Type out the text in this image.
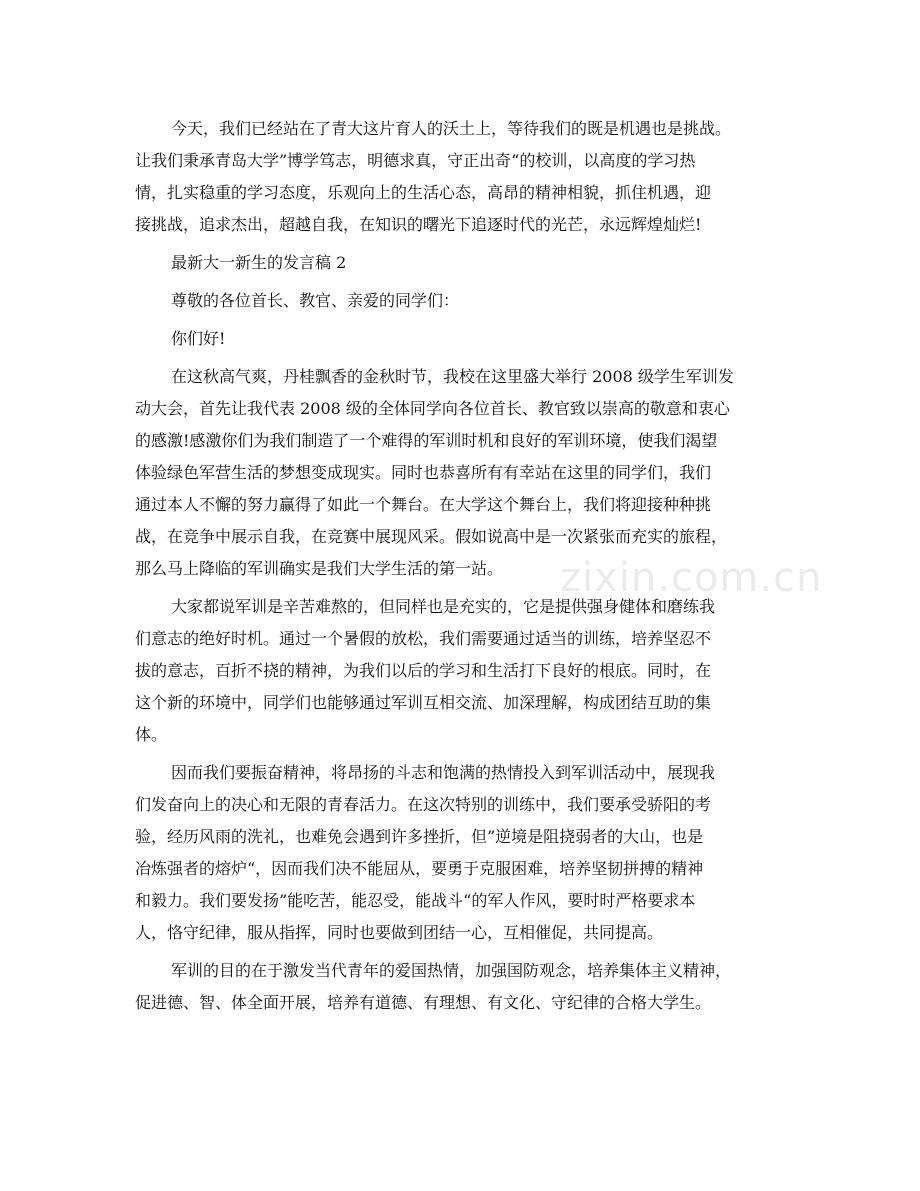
今天，我们已经站在了青大这片育人的沃土上，等待我们的既是机遇也是挑战。
让我们秉承青岛大学”博学笃志，明德求真，守正出奇“的校训，以高度的学习热
情，扎实稳重的学习态度，乐观向上的生活心态，高昂的精神相貌，抓住机遇，迎
接挑战，追求杰出，超越自我，在知识的曙光下追逐时代的光芒，永远辉煌灿烂!
最新大一新生的发言稿 2
尊敬的各位首长、教官、亲爱的同学们：
你们好!
在这秋高气爽，丹桂飘香的金秋时节，我校在这里盛大举行 2008 级学生军训发
动大会，首先让我代表 2008 级的全体同学向各位首长、教官致以崇高的敬意和衷心
的感激!感激你们为我们制造了一个难得的军训时机和良好的军训环境，使我们渴望
体验绿色军营生活的梦想变成现实。同时也恭喜所有有幸站在这里的同学们，我们
通过本人不懈的努力赢得了如此一个舞台。在大学这个舞台上，我们将迎接种种挑
战，在竞争中展示自我，在竞赛中展现风采。假如说高中是一次紧张而充实的旅程，
那么马上降临的军训确实是我们大学生活的第一站。
大家都说军训是辛苦难熬的，但同样也是充实的，它是提供强身健体和磨练我
们意志的绝好时机。通过一个暑假的放松，我们需要通过适当的训练，培养坚忍不
拔的意志，百折不挠的精神，为我们以后的学习和生活打下良好的根底。同时，在
这个新的环境中，同学们也能够通过军训互相交流、加深理解，构成团结互助的集
体。
因而我们要振奋精神，将昂扬的斗志和饱满的热情投入到军训活动中，展现我
们发奋向上的决心和无限的青春活力。在这次特别的训练中，我们要承受骄阳的考
验，经历风雨的洗礼，也难免会遇到许多挫折，但”逆境是阻挠弱者的大山，也是
冶炼强者的熔炉“，因而我们决不能屈从，要勇于克服困难，培养坚韧拼搏的精神
和毅力。我们要发扬”能吃苦，能忍受，能战斗“的军人作风，要时时严格要求本
人，恪守纪律，服从指挥，同时也要做到团结一心，互相催促，共同提高。
军训的目的在于激发当代青年的爱国热情，加强国防观念，培养集体主义精神，
促进德、智、体全面开展，培养有道德、有理想、有文化、守纪律的合格大学生。
zixin.com.cn
